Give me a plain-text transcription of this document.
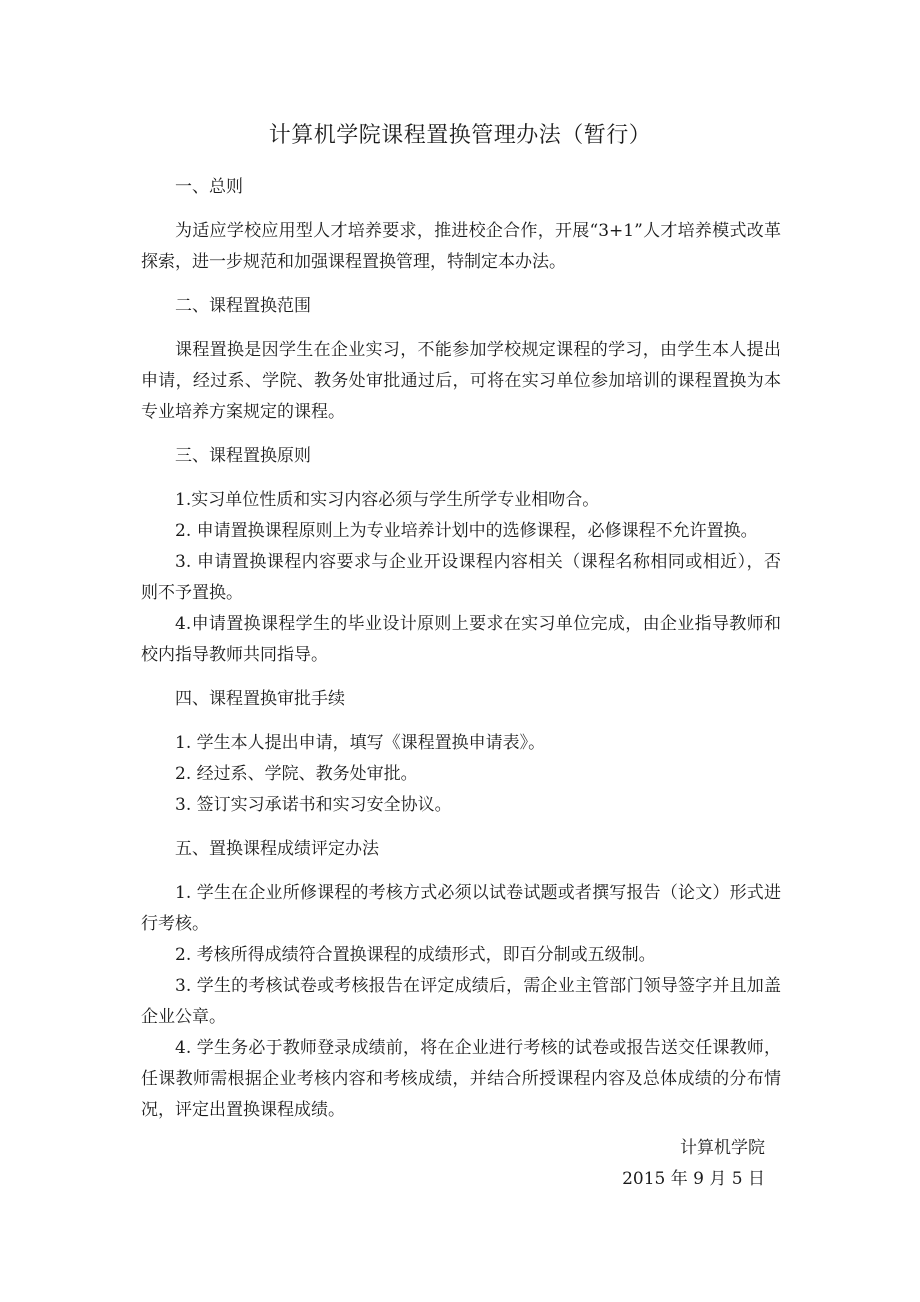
计算机学院课程置换管理办法（暂行）

一、总则

为适应学校应用型人才培养要求，推进校企合作，开展“3+1”人才培养模式改革探索，进一步规范和加强课程置换管理，特制定本办法。

二、课程置换范围

课程置换是因学生在企业实习，不能参加学校规定课程的学习，由学生本人提出申请，经过系、学院、教务处审批通过后，可将在实习单位参加培训的课程置换为本专业培养方案规定的课程。

三、课程置换原则

1.实习单位性质和实习内容必须与学生所学专业相吻合。

2. 申请置换课程原则上为专业培养计划中的选修课程，必修课程不允许置换。

3. 申请置换课程内容要求与企业开设课程内容相关（课程名称相同或相近），否则不予置换。

4.申请置换课程学生的毕业设计原则上要求在实习单位完成，由企业指导教师和校内指导教师共同指导。

四、课程置换审批手续

1. 学生本人提出申请，填写《课程置换申请表》。

2. 经过系、学院、教务处审批。

3. 签订实习承诺书和实习安全协议。

五、置换课程成绩评定办法

1. 学生在企业所修课程的考核方式必须以试卷试题或者撰写报告（论文）形式进行考核。

2. 考核所得成绩符合置换课程的成绩形式，即百分制或五级制。

3. 学生的考核试卷或考核报告在评定成绩后，需企业主管部门领导签字并且加盖企业公章。

4. 学生务必于教师登录成绩前，将在企业进行考核的试卷或报告送交任课教师，任课教师需根据企业考核内容和考核成绩，并结合所授课程内容及总体成绩的分布情况，评定出置换课程成绩。

计算机学院
2015 年 9 月 5 日
